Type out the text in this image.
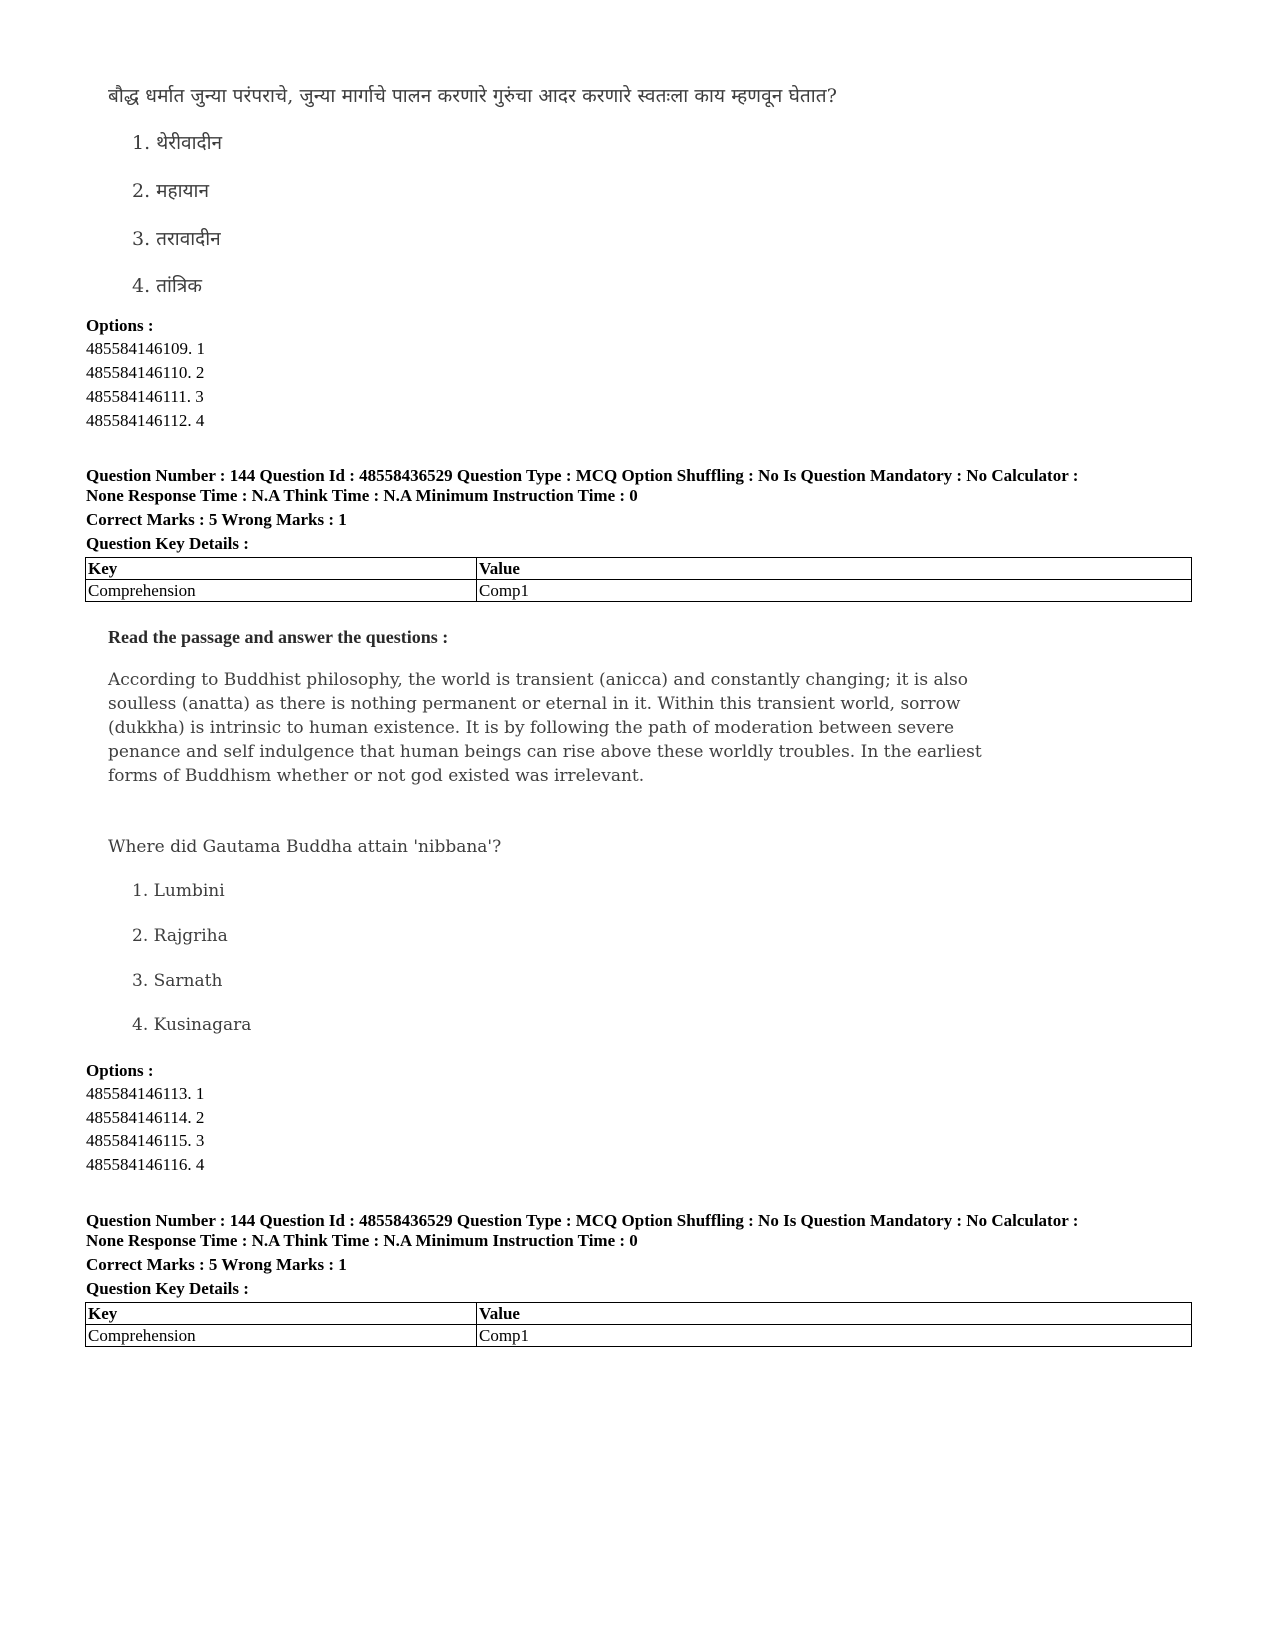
बौद्ध धर्मात जुन्या परंपराचे, जुन्या मार्गाचे पालन करणारे गुरुंचा आदर करणारे स्वतःला काय म्हणवून घेतात?
1. थेरीवादीन
2. महायान
3. तरावादीन
4. तांत्रिक
Options :
485584146109. 1
485584146110. 2
485584146111. 3
485584146112. 4
Question Number : 144 Question Id : 48558436529 Question Type : MCQ Option Shuffling : No Is Question Mandatory : No Calculator :
None Response Time : N.A Think Time : N.A Minimum Instruction Time : 0
Correct Marks : 5 Wrong Marks : 1
Question Key Details :
Key	Value
Comprehension	Comp1
Read the passage and answer the questions :
According to Buddhist philosophy, the world is transient (anicca) and constantly changing; it is also soulless (anatta) as there is nothing permanent or eternal in it. Within this transient world, sorrow (dukkha) is intrinsic to human existence. It is by following the path of moderation between severe penance and self indulgence that human beings can rise above these worldly troubles. In the earliest forms of Buddhism whether or not god existed was irrelevant.
Where did Gautama Buddha attain 'nibbana'?
1. Lumbini
2. Rajgriha
3. Sarnath
4. Kusinagara
Options :
485584146113. 1
485584146114. 2
485584146115. 3
485584146116. 4
Question Number : 144 Question Id : 48558436529 Question Type : MCQ Option Shuffling : No Is Question Mandatory : No Calculator :
None Response Time : N.A Think Time : N.A Minimum Instruction Time : 0
Correct Marks : 5 Wrong Marks : 1
Question Key Details :
Key	Value
Comprehension	Comp1
